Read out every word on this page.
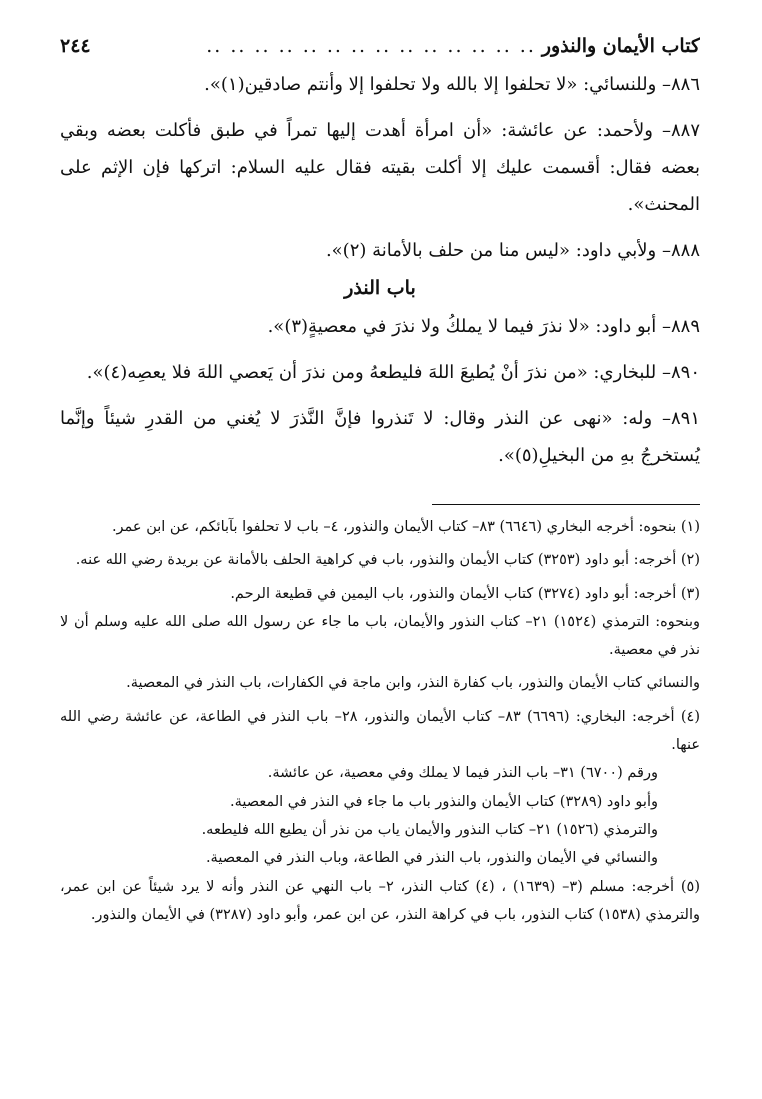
كتاب الأيمان والنذور
.. .. .. .. .. .. .. .. .. .. .. .. .. ..
٢٤٤

٨٨٦– وللنسائي: «لا تحلفوا إلا بالله ولا تحلفوا إلا وأنتم صادقين(١)».

٨٨٧– ولأحمد: عن عائشة: «أن امرأة أهدت إليها تمراً في طبق فأكلت بعضه وبقي بعضه فقال: أقسمت عليك إلا أكلت بقيته فقال عليه السلام: اتركها فإن الإثم على المحنث».

٨٨٨– ولأبي داود: «ليس منا من حلف بالأمانة (٢)».

باب النذر

٨٨٩– أبو داود: «لا نذرَ فيما لا يملكُ ولا نذرَ في معصيةٍ(٣)».

٨٩٠– للبخاري: «من نذرَ أنْ يُطيعَ اللهَ فليطعهُ ومن نذرَ أن يَعصي اللهَ فلا يعصِه(٤)».

٨٩١– وله: «نهى عن النذر وقال: لا تَنذروا فإنَّ النَّذرَ لا يُغني من القدرِ شيئاً وإنَّما يُستخرجُ بهِ من البخيلِ(٥)».

(١) بنحوه: أخرجه البخاري (٦٦٤٦) ٨٣– كتاب الأيمان والنذور، ٤– باب لا تحلفوا بآبائكم، عن ابن عمر.

(٢) أخرجه: أبو داود (٣٢٥٣) كتاب الأيمان والنذور، باب في كراهية الحلف بالأمانة عن بريدة رضي الله عنه.

(٣) أخرجه: أبو داود (٣٢٧٤) كتاب الأيمان والنذور، باب اليمين في قطيعة الرحم.

وبنحوه: الترمذي (١٥٢٤) ٢١– كتاب النذور والأيمان، باب ما جاء عن رسول الله صلى الله عليه وسلم أن لا نذر في معصية.

والنسائي كتاب الأيمان والنذور، باب كفارة النذر، وابن ماجة في الكفارات، باب النذر في المعصية.

(٤) أخرجه: البخاري: (٦٦٩٦) ٨٣– كتاب الأيمان والنذور، ٢٨– باب النذر في الطاعة، عن عائشة رضي الله عنها.

ورقم (٦٧٠٠) ٣١– باب النذر فيما لا يملك وفي معصية، عن عائشة.

وأبو داود (٣٢٨٩) كتاب الأيمان والنذور باب ما جاء في النذر في المعصية.

والترمذي (١٥٢٦) ٢١– كتاب النذور والأيمان ياب من نذر أن يطيع الله فليطعه.

والنسائي في الأيمان والنذور، باب النذر في الطاعة، وباب النذر في المعصية.

(٥) أخرجه: مسلم (٣– (١٦٣٩) ، (٤) كتاب النذر، ٢– باب النهي عن النذر وأنه لا يرد شيئاً عن ابن عمر، والترمذي (١٥٣٨) كتاب النذور، باب في كراهة النذر، عن ابن عمر، وأبو داود (٣٢٨٧) في الأيمان والنذور.
